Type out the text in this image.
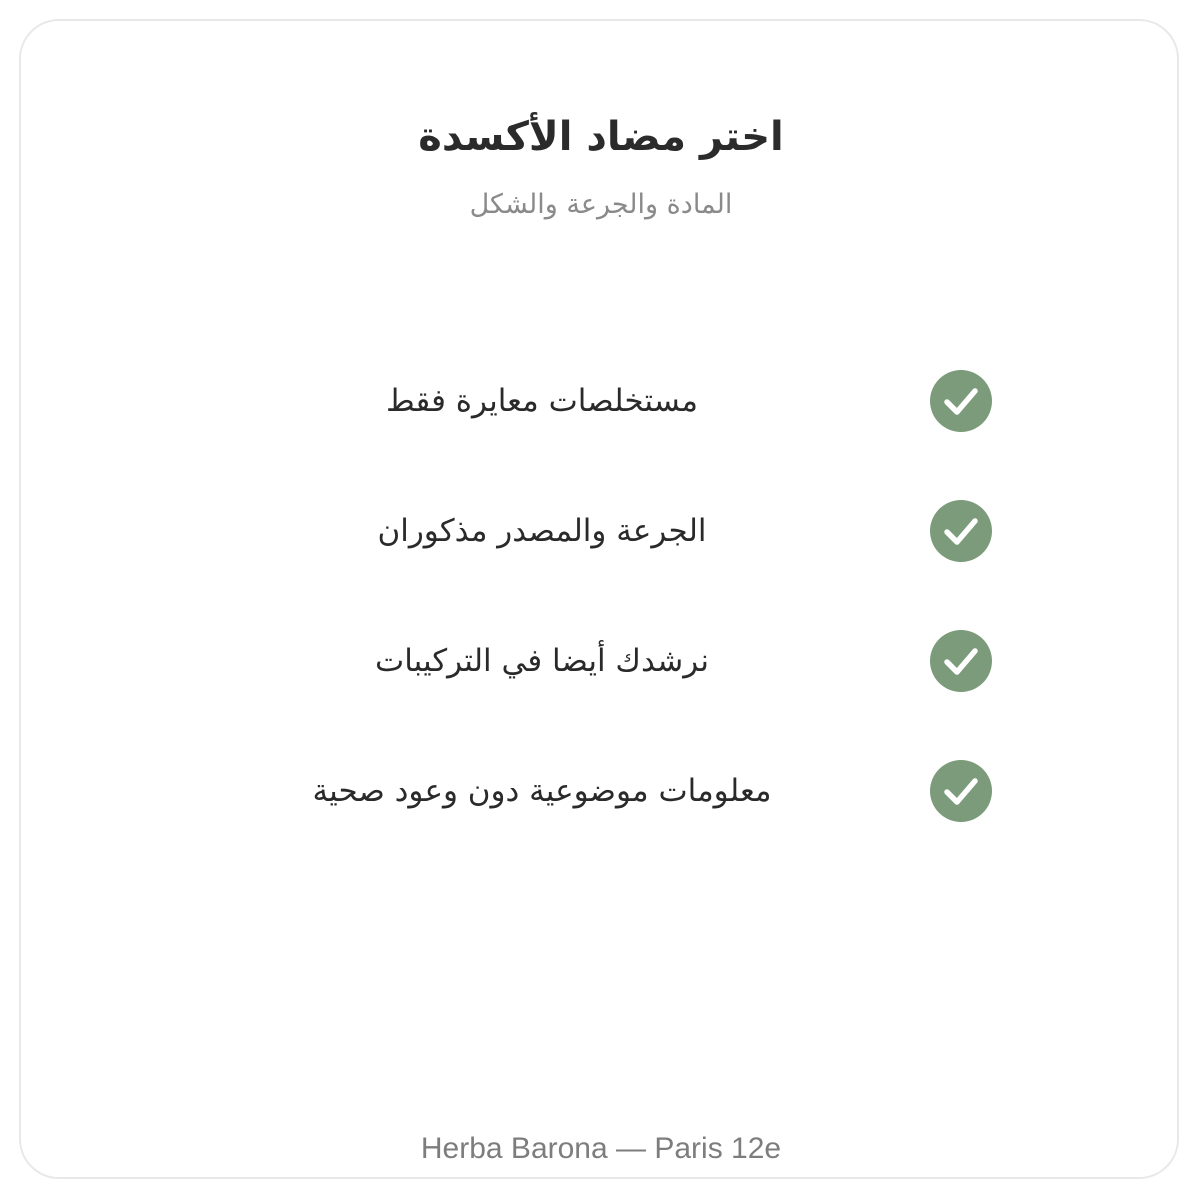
اختر مضاد الأكسدة
المادة والجرعة والشكل
مستخلصات معايرة فقط
الجرعة والمصدر مذكوران
نرشدك أيضا في التركيبات
معلومات موضوعية دون وعود صحية
Herba Barona — Paris 12e
